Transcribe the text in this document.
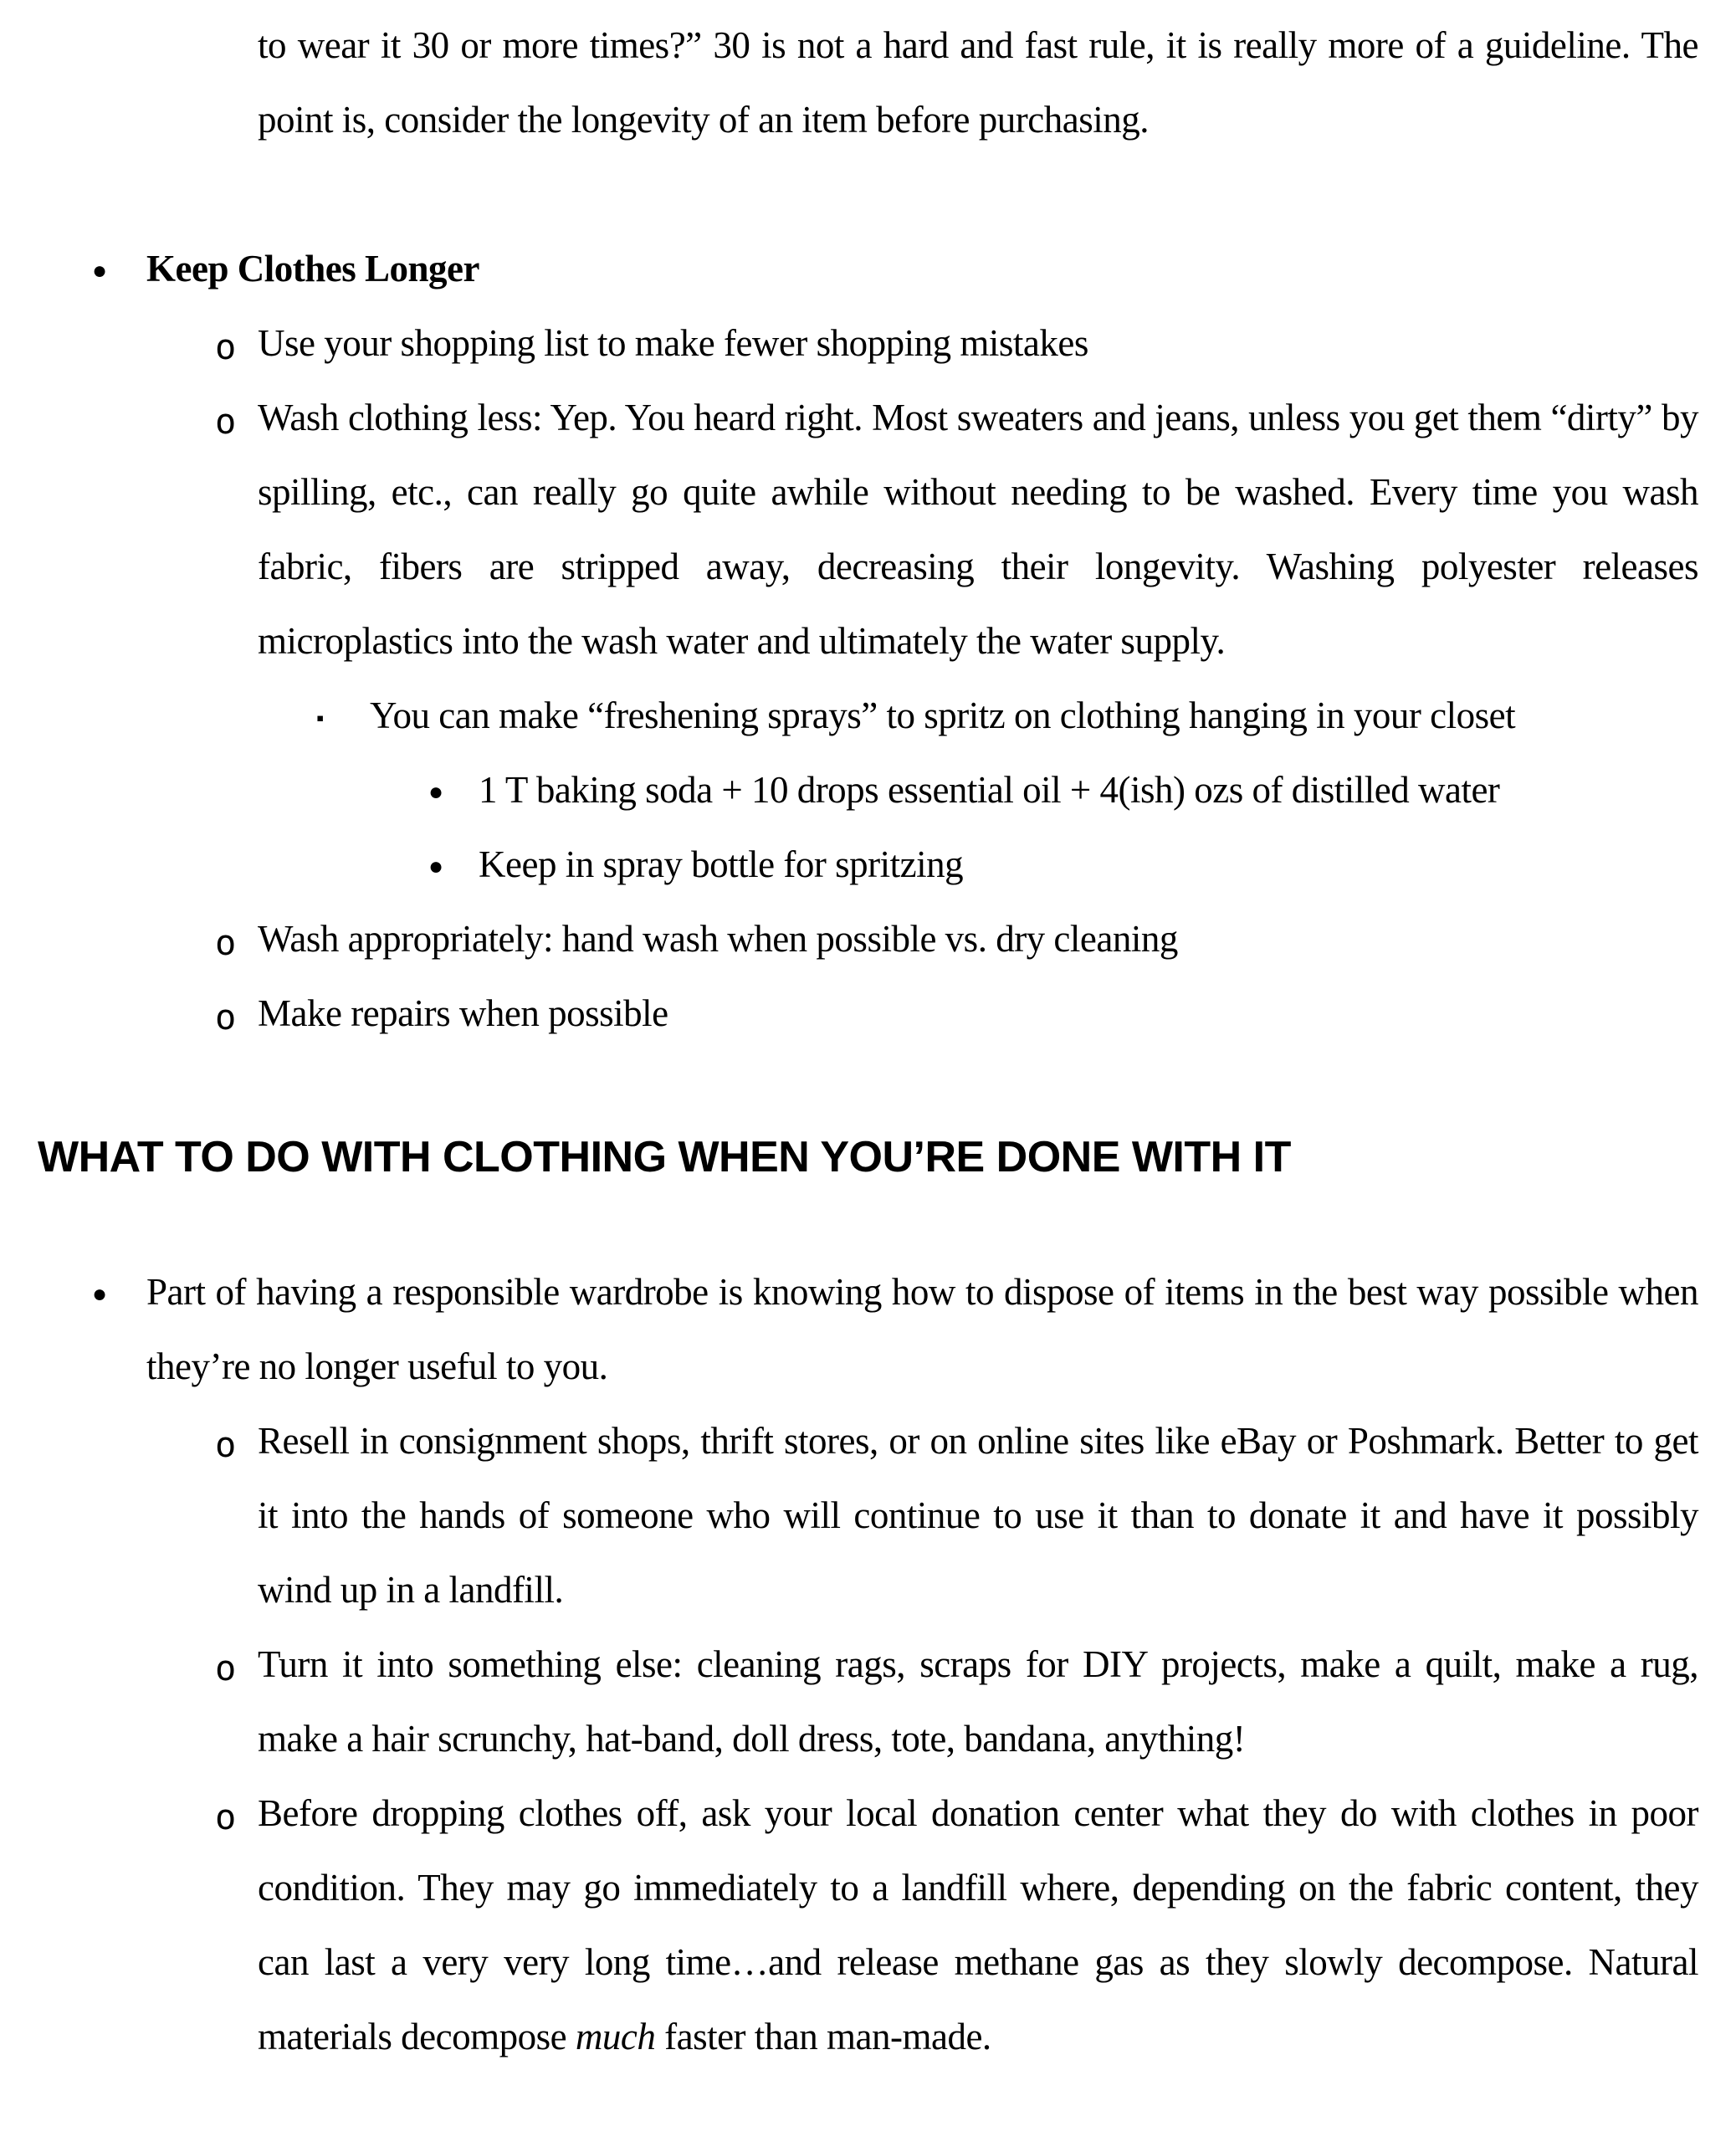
to wear it 30 or more times?” 30 is not a hard and fast rule, it is really more of a guideline. The point is, consider the longevity of an item before purchasing.

● Keep Clothes Longer

o Use your shopping list to make fewer shopping mistakes

o Wash clothing less: Yep. You heard right. Most sweaters and jeans, unless you get them “dirty” by spilling, etc., can really go quite awhile without needing to be washed. Every time you wash fabric, fibers are stripped away, decreasing their longevity. Washing polyester releases microplastics into the wash water and ultimately the water supply.

▪ You can make “freshening sprays” to spritz on clothing hanging in your closet

● 1 T baking soda + 10 drops essential oil + 4(ish) ozs of distilled water

● Keep in spray bottle for spritzing

o Wash appropriately: hand wash when possible vs. dry cleaning

o Make repairs when possible

WHAT TO DO WITH CLOTHING WHEN YOU’RE DONE WITH IT

● Part of having a responsible wardrobe is knowing how to dispose of items in the best way possible when they’re no longer useful to you.

o Resell in consignment shops, thrift stores, or on online sites like eBay or Poshmark. Better to get it into the hands of someone who will continue to use it than to donate it and have it possibly wind up in a landfill.

o Turn it into something else: cleaning rags, scraps for DIY projects, make a quilt, make a rug, make a hair scrunchy, hat-band, doll dress, tote, bandana, anything!

o Before dropping clothes off, ask your local donation center what they do with clothes in poor condition. They may go immediately to a landfill where, depending on the fabric content, they can last a very very long time…and release methane gas as they slowly decompose. Natural materials decompose much faster than man-made.
